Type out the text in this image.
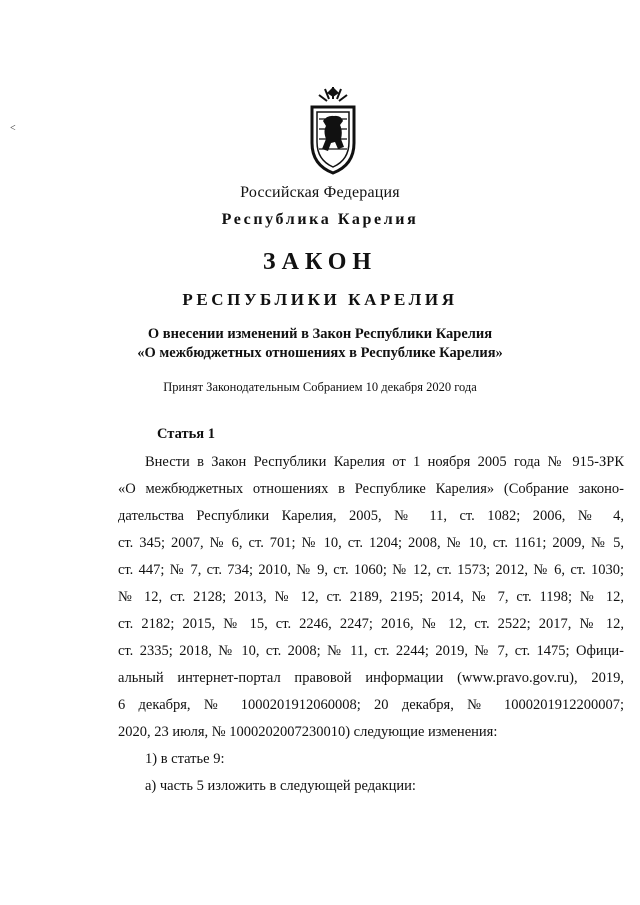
<
Российская Федерация
Республика Карелия
ЗАКОН
РЕСПУБЛИКИ КАРЕЛИЯ
О внесении изменений в Закон Республики Карелия
«О межбюджетных отношениях в Республике Карелия»
Принят Законодательным Собранием 10 декабря 2020 года
Статья 1
Внести в Закон Республики Карелия от 1 ноября 2005 года № 915-ЗРК
«О межбюджетных отношениях в Республике Карелия» (Собрание законо-
дательства Республики Карелия, 2005, № 11, ст. 1082; 2006, № 4,
ст. 345; 2007, № 6, ст. 701; № 10, ст. 1204; 2008, № 10, ст. 1161; 2009, № 5,
ст. 447; № 7, ст. 734; 2010, № 9, ст. 1060; № 12, ст. 1573; 2012, № 6, ст. 1030;
№ 12, ст. 2128; 2013, № 12, ст. 2189, 2195; 2014, № 7, ст. 1198; № 12,
ст. 2182; 2015, № 15, ст. 2246, 2247; 2016, № 12, ст. 2522; 2017, № 12,
ст. 2335; 2018, № 10, ст. 2008; № 11, ст. 2244; 2019, № 7, ст. 1475; Офици-
альный интернет-портал правовой информации (www.pravo.gov.ru), 2019,
6 декабря, № 1000201912060008; 20 декабря, № 1000201912200007;
2020, 23 июля, № 1000202007230010) следующие изменения:
1) в статье 9:
а) часть 5 изложить в следующей редакции:
